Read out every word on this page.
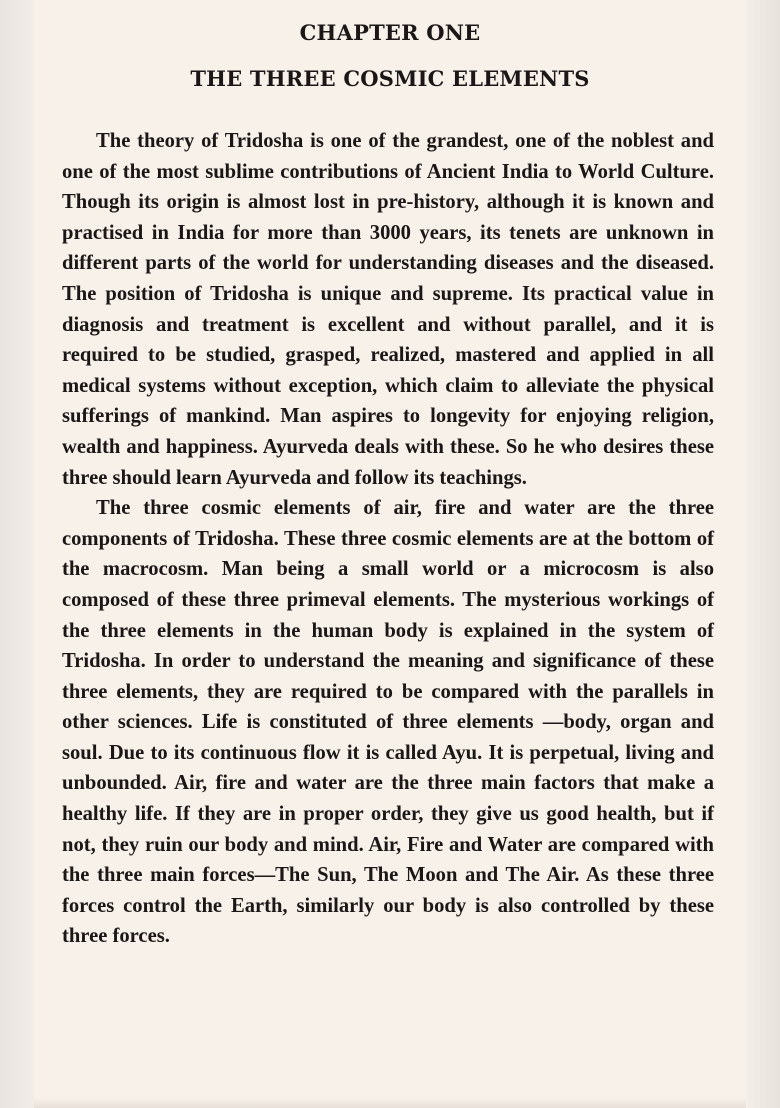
CHAPTER ONE
THE THREE COSMIC ELEMENTS

The theory of Tridosha is one of the grandest, one of the noblest and one of the most sublime contributions of Ancient India to World Culture. Though its origin is almost lost in pre-history, although it is known and practised in India for more than 3000 years, its tenets are unknown in different parts of the world for understanding diseases and the diseased. The position of Tridosha is unique and supreme. Its practical value in diagnosis and treatment is excellent and without parallel, and it is required to be studied, grasped, realized, mastered and applied in all medical systems without exception, which claim to alleviate the physical sufferings of mankind. Man aspires to longevity for enjoying religion, wealth and happiness. Ayurveda deals with these. So he who desires these three should learn Ayurveda and follow its teachings.

The three cosmic elements of air, fire and water are the three components of Tridosha. These three cosmic elements are at the bottom of the macrocosm. Man being a small world or a microcosm is also composed of these three primeval elements. The mysterious workings of the three elements in the human body is explained in the system of Tridosha. In order to understand the meaning and significance of these three elements, they are required to be compared with the parallels in other sciences. Life is constituted of three elements —body, organ and soul. Due to its continuous flow it is called Ayu. It is perpetual, living and unbounded. Air, fire and water are the three main factors that make a healthy life. If they are in proper order, they give us good health, but if not, they ruin our body and mind. Air, Fire and Water are compared with the three main forces—The Sun, The Moon and The Air. As these three forces control the Earth, similarly our body is also controlled by these three forces.
